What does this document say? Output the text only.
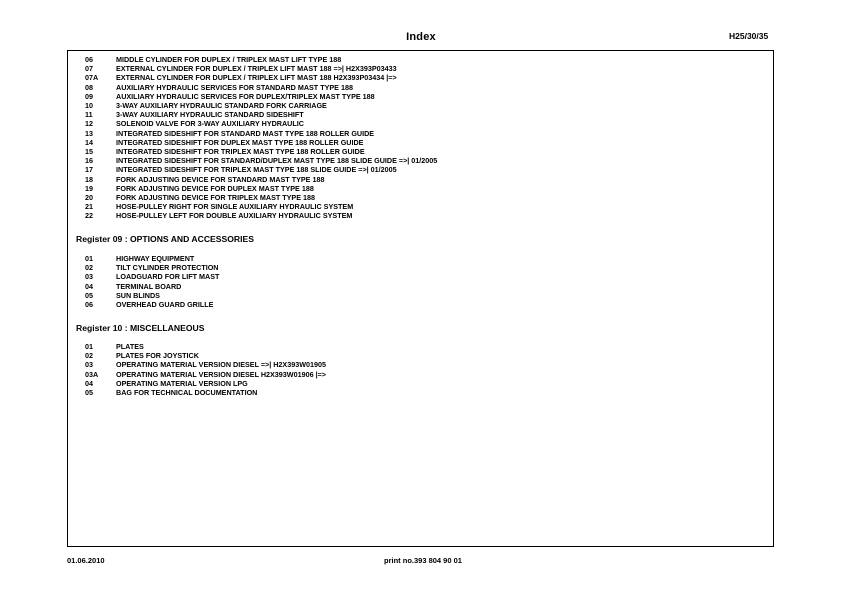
Index	H25/30/35
06	MIDDLE CYLINDER FOR DUPLEX / TRIPLEX MAST LIFT TYPE 188
07	EXTERNAL CYLINDER FOR DUPLEX / TRIPLEX LIFT MAST 188 =>| H2X393P03433
07A	EXTERNAL CYLINDER FOR DUPLEX / TRIPLEX LIFT MAST 188 H2X393P03434 |=>
08	AUXILIARY HYDRAULIC SERVICES FOR STANDARD MAST TYPE 188
09	AUXILIARY HYDRAULIC SERVICES FOR DUPLEX/TRIPLEX MAST TYPE 188
10	3-WAY AUXILIARY HYDRAULIC STANDARD FORK CARRIAGE
11	3-WAY AUXILIARY HYDRAULIC STANDARD SIDESHIFT
12	SOLENOID VALVE FOR 3-WAY AUXILIARY HYDRAULIC
13	INTEGRATED SIDESHIFT FOR STANDARD MAST TYPE 188 ROLLER GUIDE
14	INTEGRATED SIDESHIFT FOR DUPLEX MAST TYPE 188 ROLLER GUIDE
15	INTEGRATED SIDESHIFT FOR TRIPLEX MAST TYPE 188 ROLLER GUIDE
16	INTEGRATED SIDESHIFT FOR STANDARD/DUPLEX MAST TYPE 188 SLIDE GUIDE =>| 01/2005
17	INTEGRATED SIDESHIFT FOR TRIPLEX MAST TYPE 188 SLIDE GUIDE =>| 01/2005
18	FORK ADJUSTING DEVICE FOR STANDARD MAST TYPE 188
19	FORK ADJUSTING DEVICE FOR DUPLEX MAST TYPE 188
20	FORK ADJUSTING DEVICE FOR TRIPLEX MAST TYPE 188
21	HOSE-PULLEY RIGHT FOR SINGLE AUXILIARY HYDRAULIC SYSTEM
22	HOSE-PULLEY LEFT FOR DOUBLE AUXILIARY HYDRAULIC SYSTEM
Register 09 : OPTIONS AND ACCESSORIES
01	HIGHWAY EQUIPMENT
02	TILT CYLINDER PROTECTION
03	LOADGUARD FOR LIFT MAST
04	TERMINAL BOARD
05	SUN BLINDS
06	OVERHEAD GUARD GRILLE
Register 10 : MISCELLANEOUS
01	PLATES
02	PLATES FOR JOYSTICK
03	OPERATING MATERIAL VERSION DIESEL =>| H2X393W01905
03A	OPERATING MATERIAL VERSION DIESEL H2X393W01906 |=>
04	OPERATING MATERIAL VERSION LPG
05	BAG FOR TECHNICAL DOCUMENTATION
01.06.2010	print no.393 804 90 01
